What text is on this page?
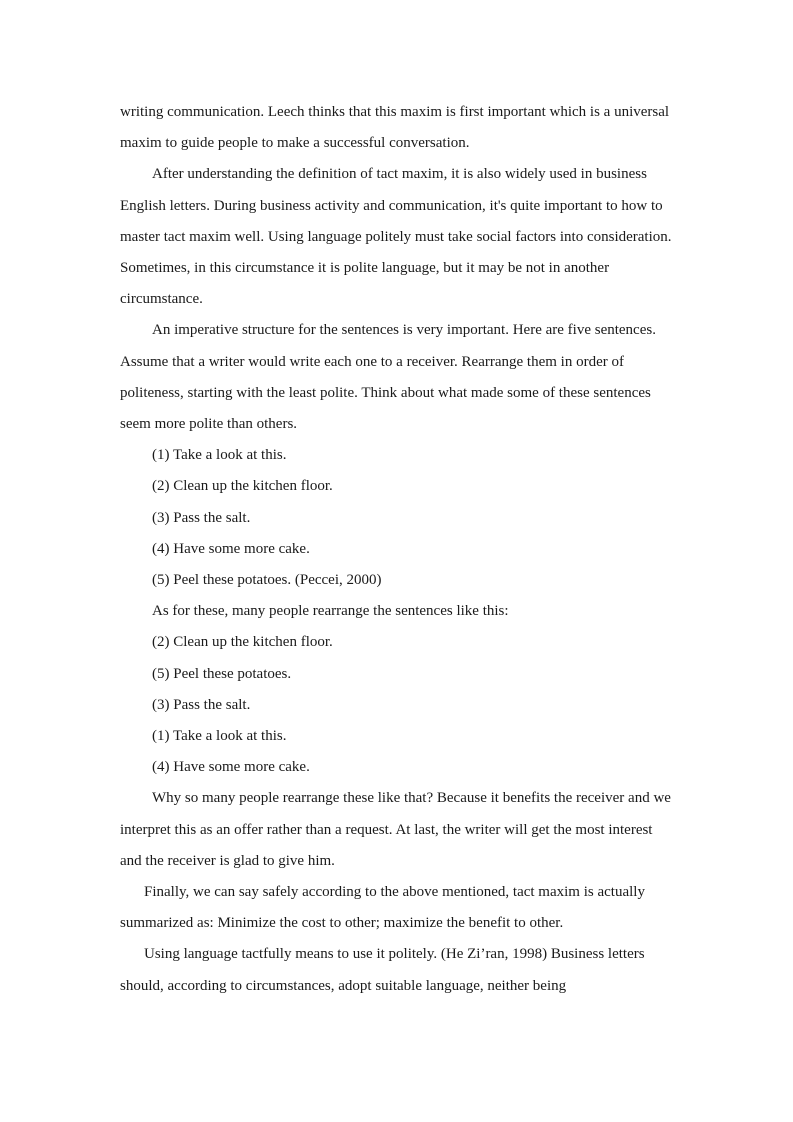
writing communication. Leech thinks that this maxim is first important which is a universal maxim to guide people to make a successful conversation.

After understanding the definition of tact maxim, it is also widely used in business English letters. During business activity and communication, it's quite important to how to master tact maxim well. Using language politely must take social factors into consideration. Sometimes, in this circumstance it is polite language, but it may be not in another circumstance.

An imperative structure for the sentences is very important. Here are five sentences. Assume that a writer would write each one to a receiver. Rearrange them in order of politeness, starting with the least polite. Think about what made some of these sentences seem more polite than others.

(1) Take a look at this.

(2) Clean up the kitchen floor.

(3) Pass the salt.

(4) Have some more cake.

(5) Peel these potatoes. (Peccei, 2000)

As for these, many people rearrange the sentences like this:

(2) Clean up the kitchen floor.

(5) Peel these potatoes.

(3) Pass the salt.

(1) Take a look at this.

(4) Have some more cake.

Why so many people rearrange these like that? Because it benefits the receiver and we interpret this as an offer rather than a request. At last, the writer will get the most interest and the receiver is glad to give him.

Finally, we can say safely according to the above mentioned, tact maxim is actually summarized as: Minimize the cost to other; maximize the benefit to other.

Using language tactfully means to use it politely. (He Zi’ran, 1998) Business letters should, according to circumstances, adopt suitable language, neither being
